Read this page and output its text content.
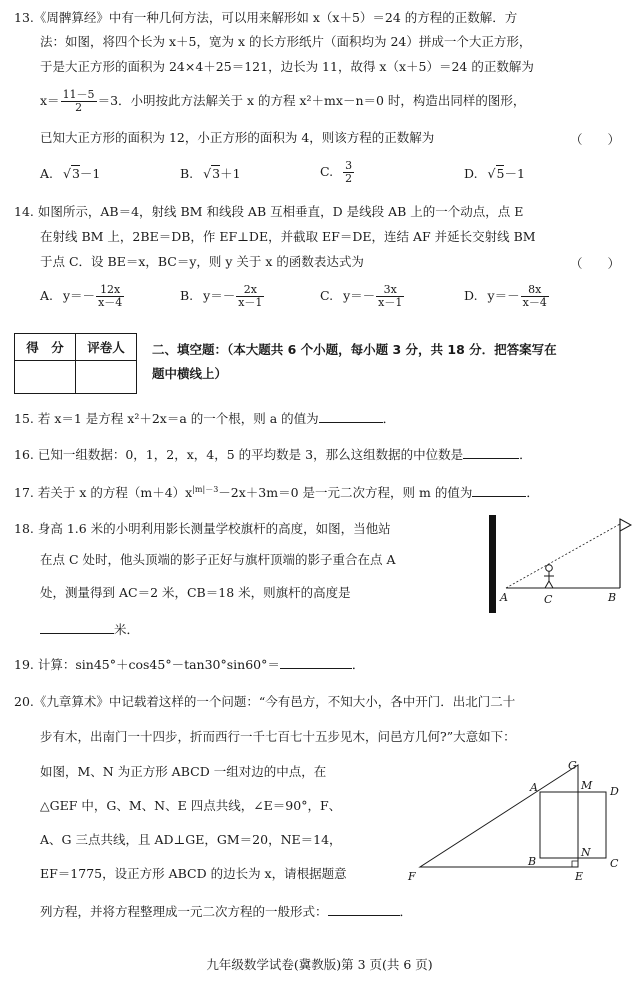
13.《周髀算经》中有一种几何方法，可以用来解形如 x（x＋5）＝24 的方程的正数解．方
法：如图，将四个长为 x＋5，宽为 x 的长方形纸片（面积均为 24）拼成一个大正方形，
于是大正方形的面积为 24×4＋25＝121，边长为 11，故得 x（x＋5）＝24 的正数解为
$x= \frac{11-5}{2} =3$．小明按此方法解关于 x 的方程 x²＋mx－n＝0 时，构造出同样的图形，
已知大正方形的面积为 12，小正方形的面积为 4，则该方程的正数解为	（　　）
A. √3－1	B. √3＋1	C. $\frac{3}{2}$	D. √5－1
14. 如图所示，AB＝4，射线 BM 和线段 AB 互相垂直，D 是线段 AB 上的一个动点，点 E
在射线 BM 上，2BE＝DB，作 EF⊥DE，并截取 EF＝DE，连结 AF 并延长交射线 BM
于点 C．设 BE＝x，BC＝y，则 y 关于 x 的函数表达式为	（　　）
A. $y=- \frac{12x}{x-4}$	B. $y=- \frac{2x}{x-1}$	C. $y=- \frac{3x}{x-1}$	D. $y=- \frac{8x}{x-4}$
得　分	评卷人
	二、填空题：（本大题共 6 个小题，每小题 3 分，共 18 分．把答案写在
题中横线上）
15. 若 x＝1 是方程 x²＋2x＝a 的一个根，则 a 的值为	．
16. 已知一组数据：0，1，2，x，4，5 的平均数是 3，那么这组数据的中位数是	．
17. 若关于 x 的方程$(m+4)x^{|m|-3}-2x+3m=0$ 是一元二次方程，则 m 的值为	．
18. 身高 1.6 米的小明利用影长测量学校旗杆的高度，如图，当他站
在点 C 处时，他头顶端的影子正好与旗杆顶端的影子重合在点 A
处，测量得到 AC＝2 米，CB＝18 米，则旗杆的高度是
米．
A	C	B
19. 计算：sin45°＋cos45°－tan30°sin60°＝	．
20.《九章算术》中记载着这样的一个问题：“今有邑方，不知大小，各中开门．出北门二十
步有木，出南门一十四步，折而西行一千七百七十五步见木，问邑方几何?”大意如下：
如图，M、N 为正方形 ABCD 一组对边的中点，在
△GEF 中，G、M、N、E 四点共线，∠E＝90°，F、
A、G 三点共线，且 AD⊥GE，GM＝20，NE＝14，
EF＝1775，设正方形 ABCD 的边长为 x，请根据题意
列方程，并将方程整理成一元二次方程的一般形式：	．
G
M
A	D
B
N
C
F	E
九年级数学试卷(冀教版)第 3 页(共 6 页)
